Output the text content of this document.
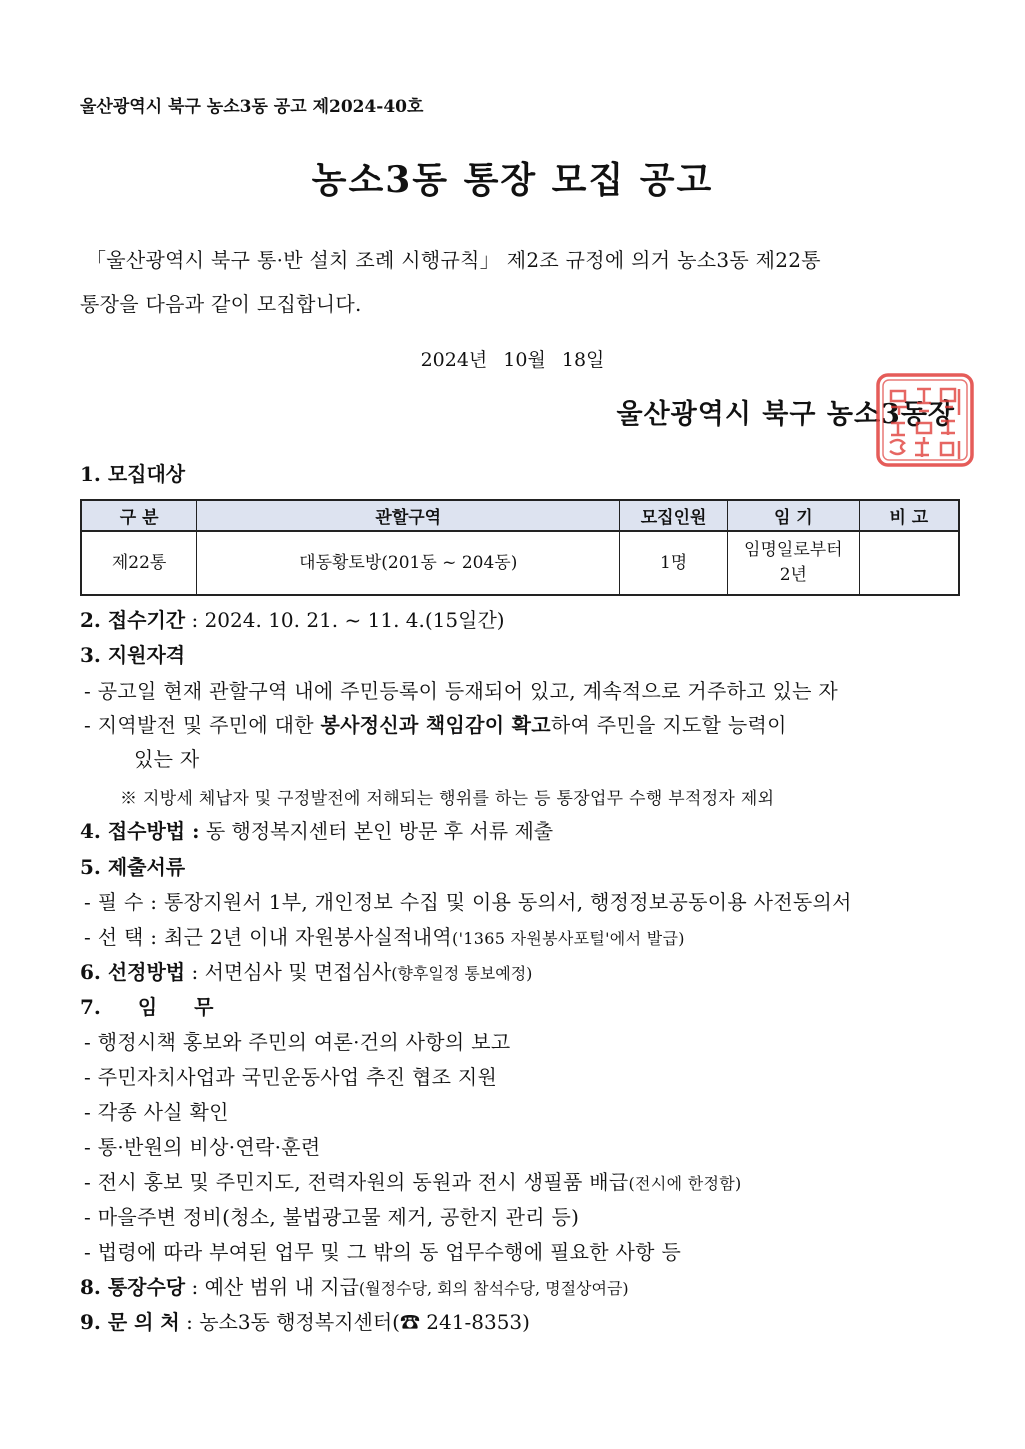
울산광역시 북구 농소3동 공고 제2024-40호
농소3동 통장 모집 공고
「울산광역시 북구 통·반 설치 조례 시행규칙」 제2조 규정에 의거 농소3동 제22통
통장을 다음과 같이 모집합니다.
2024년 10월 18일
울산광역시 북구 농소3동장
1. 모집대상
구 분	관할구역	모집인원	임 기	비 고
제22통	대동황토방(201동 ~ 204동)	1명	임명일로부터
2년	
2. 접수기간 : 2024. 10. 21. ~ 11. 4.(15일간)
3. 지원자격
- 공고일 현재 관할구역 내에 주민등록이 등재되어 있고, 계속적으로 거주하고 있는 자
- 지역발전 및 주민에 대한 봉사정신과 책임감이 확고하여 주민을 지도할 능력이
있는 자
※ 지방세 체납자 및 구정발전에 저해되는 행위를 하는 등 통장업무 수행 부적정자 제외
4. 접수방법 : 동 행정복지센터 본인 방문 후 서류 제출
5. 제출서류
- 필 수 : 통장지원서 1부, 개인정보 수집 및 이용 동의서, 행정정보공동이용 사전동의서
- 선 택 : 최근 2년 이내 자원봉사실적내역('1365 자원봉사포털'에서 발급)
6. 선정방법 : 서면심사 및 면접심사(향후일정 통보예정)
7. 임 무
- 행정시책 홍보와 주민의 여론·건의 사항의 보고
- 주민자치사업과 국민운동사업 추진 협조 지원
- 각종 사실 확인
- 통·반원의 비상·연락·훈련
- 전시 홍보 및 주민지도, 전력자원의 동원과 전시 생필품 배급(전시에 한정함)
- 마을주변 정비(청소, 불법광고물 제거, 공한지 관리 등)
- 법령에 따라 부여된 업무 및 그 밖의 동 업무수행에 필요한 사항 등
8. 통장수당 : 예산 범위 내 지급(월정수당, 회의 참석수당, 명절상여금)
9. 문 의 처 : 농소3동 행정복지센터(☎ 241-8353)
